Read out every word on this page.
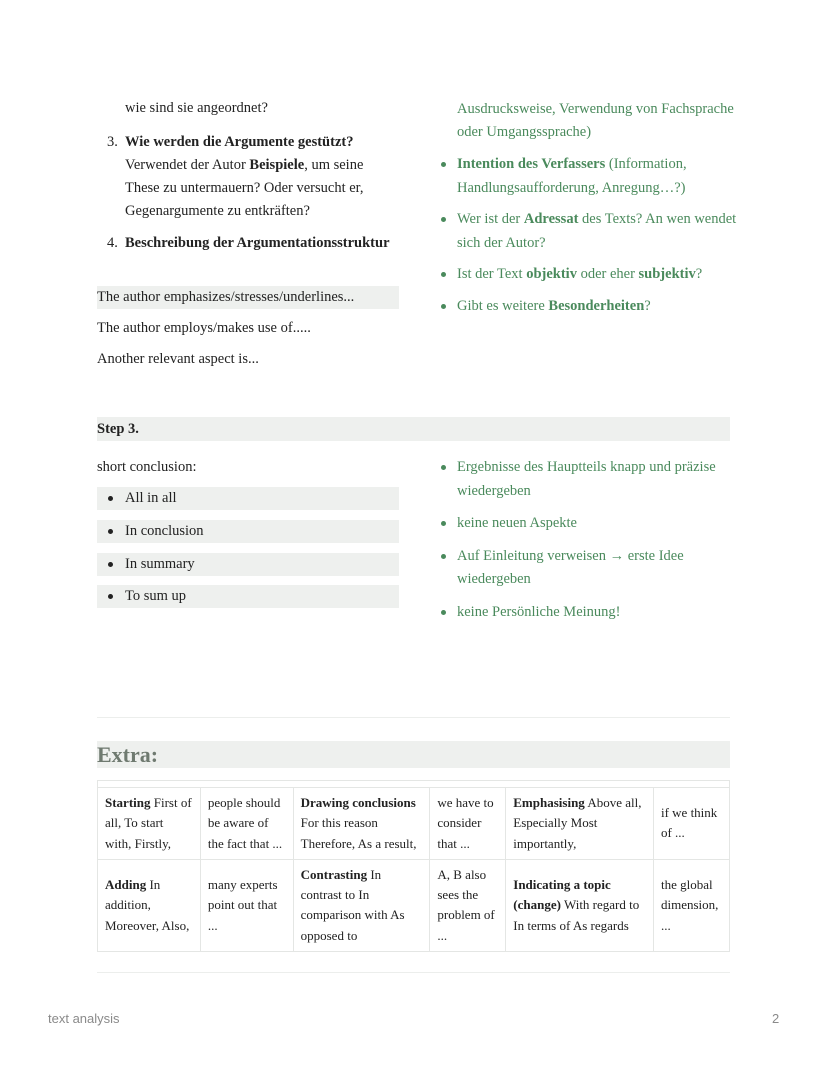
wie sind sie angeordnet?
3. Wie werden die Argumente gestützt? Verwendet der Autor Beispiele, um seine These zu untermauern? Oder versucht er, Gegenargumente zu entkräften?
4. Beschreibung der Argumentationsstruktur
The author emphasizes/stresses/underlines...
The author employs/makes use of.....
Another relevant aspect is...
Ausdrucksweise, Verwendung von Fachsprache oder Umgangssprache)
Intention des Verfassers (Information, Handlungsaufforderung, Anregung…?)
Wer ist der Adressat des Texts? An wen wendet sich der Autor?
Ist der Text objektiv oder eher subjektiv?
Gibt es weitere Besonderheiten?
Step 3.
short conclusion:
All in all
In conclusion
In summary
To sum up
Ergebnisse des Hauptteils knapp und präzise wiedergeben
keine neuen Aspekte
Auf Einleitung verweisen → erste Idee wiedergeben
keine Persönliche Meinung!
Extra:
Starting First of all, To start with, Firstly,	people should be aware of the fact that ...	Drawing conclusions For this reason Therefore, As a result,	we have to consider that ...	Emphasising Above all, Especially Most importantly,	if we think of ...
Adding In addition, Moreover, Also,	many experts point out that ...	Contrasting In contrast to In comparison with As opposed to	A, B also sees the problem of ...	Indicating a topic (change) With regard to In terms of As regards	the global dimension, ...
text analysis	2
